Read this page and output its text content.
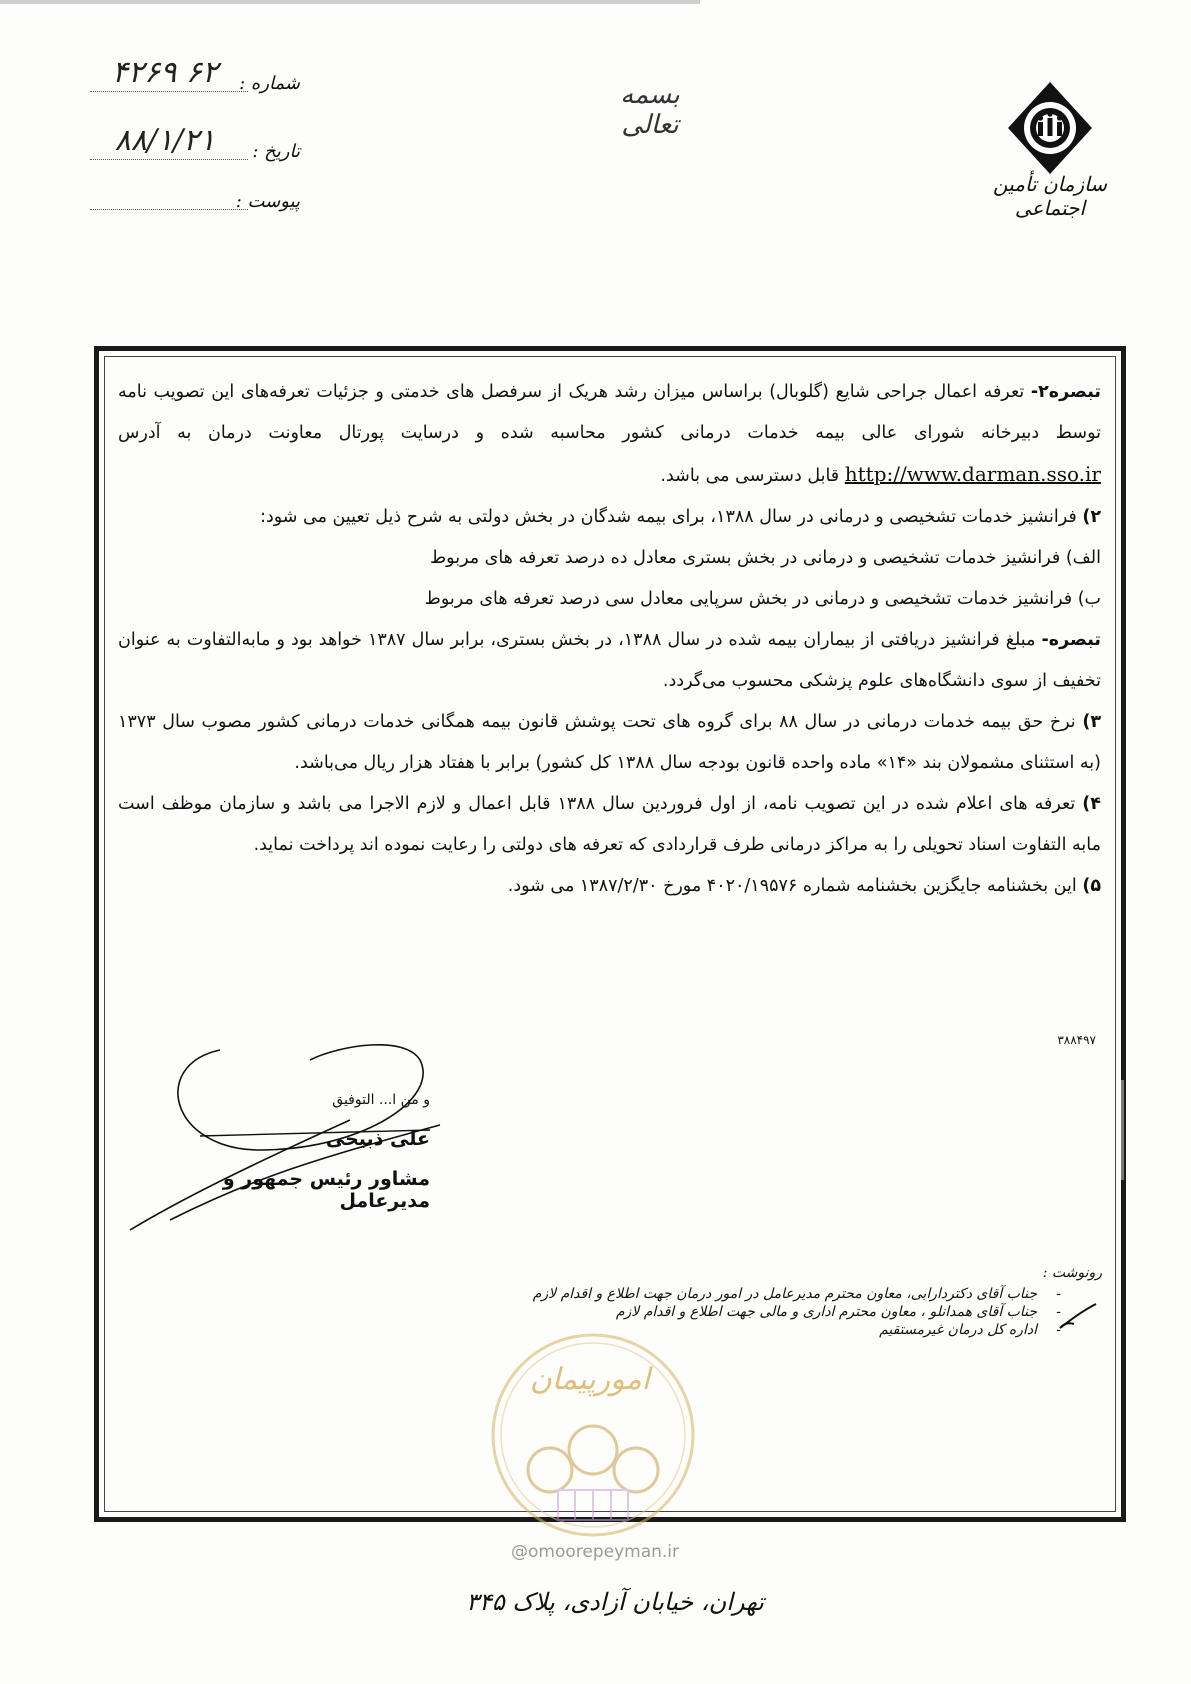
سازمان تأمین اجتماعی
بسمه تعالی
شماره :
۴۲۶۹ ۶۲
تاریخ :
۸۸/۱/۲۱
پیوست :

تبصره۲- تعرفه اعمال جراحی شایع (گلوبال) براساس میزان رشد هریک از سرفصل های خدمتی و جزئیات تعرفه‌های این تصویب نامه توسط دبیرخانه شورای عالی بیمه خدمات درمانی کشور محاسبه شده و درسایت پورتال معاونت درمان به آدرس http://www.darman.sso.ir قابل دسترسی می باشد.

۲) فرانشیز خدمات تشخیصی و درمانی در سال ۱۳۸۸، برای بیمه شدگان در بخش دولتی به شرح ذیل تعیین می شود:

الف) فرانشیز خدمات تشخیصی و درمانی در بخش بستری معادل ده درصد تعرفه های مربوط

ب) فرانشیز خدمات تشخیصی و درمانی در بخش سرپایی معادل سی درصد تعرفه های مربوط

تبصره- مبلغ فرانشیز دریافتی از بیماران بیمه شده در سال ۱۳۸۸، در بخش بستری، برابر سال ۱۳۸۷ خواهد بود و مابه‌التفاوت به عنوان تخفیف از سوی دانشگاه‌های علوم پزشکی محسوب می‌گردد.

۳) نرخ حق بیمه خدمات درمانی در سال ۸۸ برای گروه های تحت پوشش قانون بیمه همگانی خدمات درمانی کشور مصوب سال ۱۳۷۳ (به استثنای مشمولان بند «۱۴» ماده واحده قانون بودجه سال ۱۳۸۸ کل کشور) برابر با هفتاد هزار ریال می‌باشد.

۴) تعرفه های اعلام شده در این تصویب نامه، از اول فروردین سال ۱۳۸۸ قابل اعمال و لازم الاجرا می باشد و سازمان موظف است مابه التفاوت اسناد تحویلی را به مراکز درمانی طرف قراردادی که تعرفه های دولتی را رعایت نموده اند پرداخت نماید.

۵) این بخشنامه جایگزین بخشنامه شماره ۴۰۲۰/۱۹۵۷۶ مورخ ۱۳۸۷/۲/۳۰ می شود.

۳۸۸۴۹۷
و من ا... التوفیق
علی ذبیحی
مشاور رئیس جمهور و مدیرعامل
رونوشت :
- جناب آقای دکتردارابی، معاون محترم مدیرعامل در امور درمان جهت اطلاع و اقدام لازم
- جناب آقای همدانلو ، معاون محترم اداری و مالی جهت اطلاع و اقدام لازم
- اداره کل درمان غیرمستقیم
امورپیمان
@omoorepeyman.ir
تهران، خیابان آزادی، پلاک ۳۴۵
